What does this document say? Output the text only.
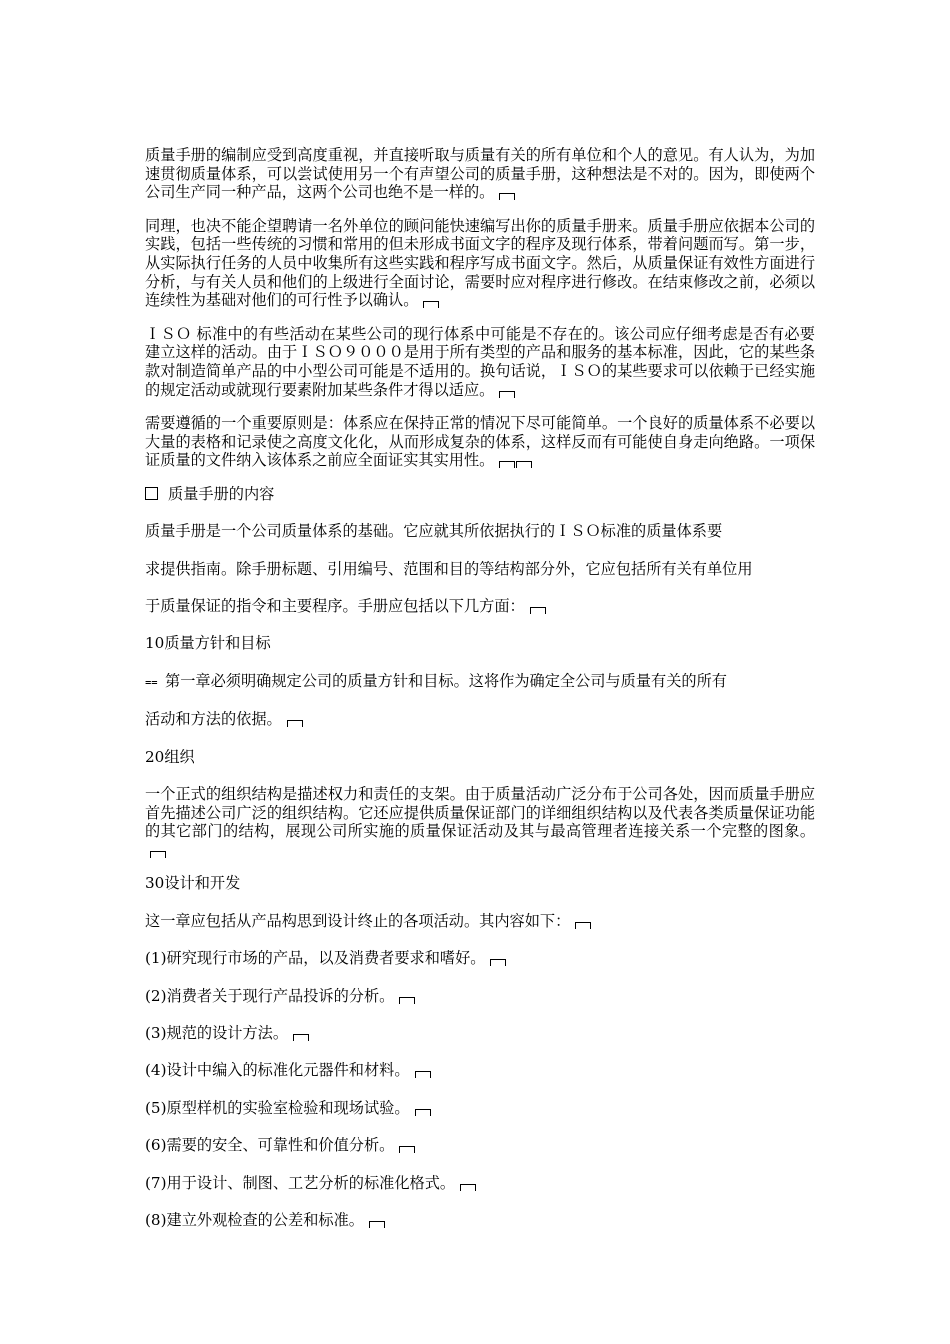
质量手册的编制应受到高度重视，并直接听取与质量有关的所有单位和个人的意见。有人认为，为加速贯彻质量体系，可以尝试使用另一个有声望公司的质量手册，这种想法是不对的。因为，即使两个公司生产同一种产品，这两个公司也绝不是一样的。

同理，也决不能企望聘请一名外单位的顾问能快速编写出你的质量手册来。质量手册应依据本公司的实践，包括一些传统的习惯和常用的但未形成书面文字的程序及现行体系，带着问题而写。第一步，从实际执行任务的人员中收集所有这些实践和程序写成书面文字。然后，从质量保证有效性方面进行分析，与有关人员和他们的上级进行全面讨论，需要时应对程序进行修改。在结束修改之前，必须以连续性为基础对他们的可行性予以确认。

ＩＳＯ 标准中的有些活动在某些公司的现行体系中可能是不存在的。该公司应仔细考虑是否有必要建立这样的活动。由于ＩＳＯ９０００是用于所有类型的产品和服务的基本标准，因此，它的某些条款对制造简单产品的中小型公司可能是不适用的。换句话说，ＩＳＯ的某些要求可以依赖于已经实施的规定活动或就现行要素附加某些条件才得以适应。

需要遵循的一个重要原则是：体系应在保持正常的情况下尽可能简单。一个良好的质量体系不必要以大量的表格和记录使之高度文化化，从而形成复杂的体系，这样反而有可能使自身走向绝路。一项保证质量的文件纳入该体系之前应全面证实其实用性。

质量手册的内容

质量手册是一个公司质量体系的基础。它应就其所依据执行的ＩＳＯ标准的质量体系要

求提供指南。除手册标题、引用编号、范围和目的等结构部分外，它应包括所有关有单位用

于质量保证的指令和主要程序。手册应包括以下几方面：

10质量方针和目标

⩵ 第一章必须明确规定公司的质量方针和目标。这将作为确定全公司与质量有关的所有

活动和方法的依据。

20组织

一个正式的组织结构是描述权力和责任的支架。由于质量活动广泛分布于公司各处，因而质量手册应首先描述公司广泛的组织结构。它还应提供质量保证部门的详细组织结构以及代表各类质量保证功能的其它部门的结构，展现公司所实施的质量保证活动及其与最高管理者连接关系一个完整的图象。

30设计和开发

这一章应包括从产品构思到设计终止的各项活动。其内容如下：

(1)研究现行市场的产品，以及消费者要求和嗜好。

(2)消费者关于现行产品投诉的分析。

(3)规范的设计方法。

(4)设计中编入的标准化元器件和材料。

(5)原型样机的实验室检验和现场试验。

(6)需要的安全、可靠性和价值分析。

(7)用于设计、制图、工艺分析的标准化格式。

(8)建立外观检查的公差和标准。
